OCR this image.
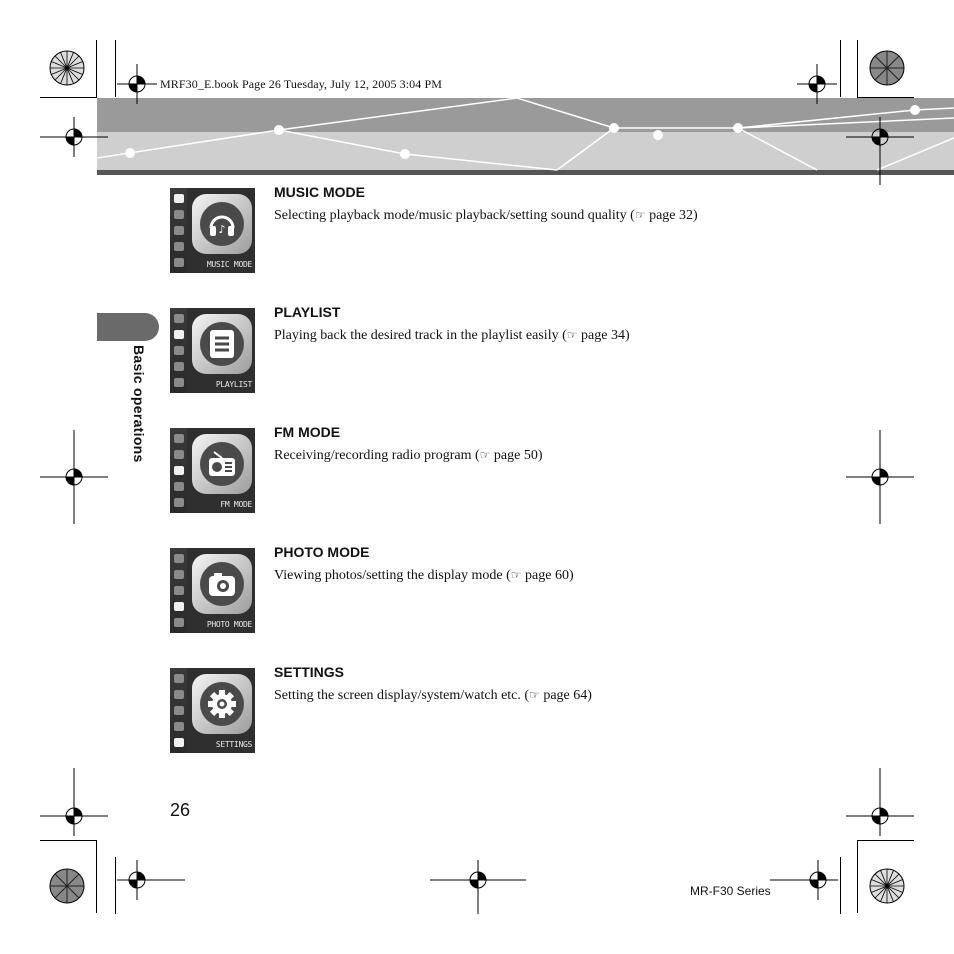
MRF30_E.book Page 26 Tuesday, July 12, 2005 3:04 PM
Basic operations
♪
MUSIC MODE
MUSIC MODE
Selecting playback mode/music playback/setting sound quality (☞ page 32)
PLAYLIST
PLAYLIST
Playing back the desired track in the playlist easily (☞ page 34)
FM MODE
FM MODE
Receiving/recording radio program (☞ page 50)
PHOTO MODE
PHOTO MODE
Viewing photos/setting the display mode (☞ page 60)
SETTINGS
SETTINGS
Setting the screen display/system/watch etc. (☞ page 64)
26
MR-F30 Series
